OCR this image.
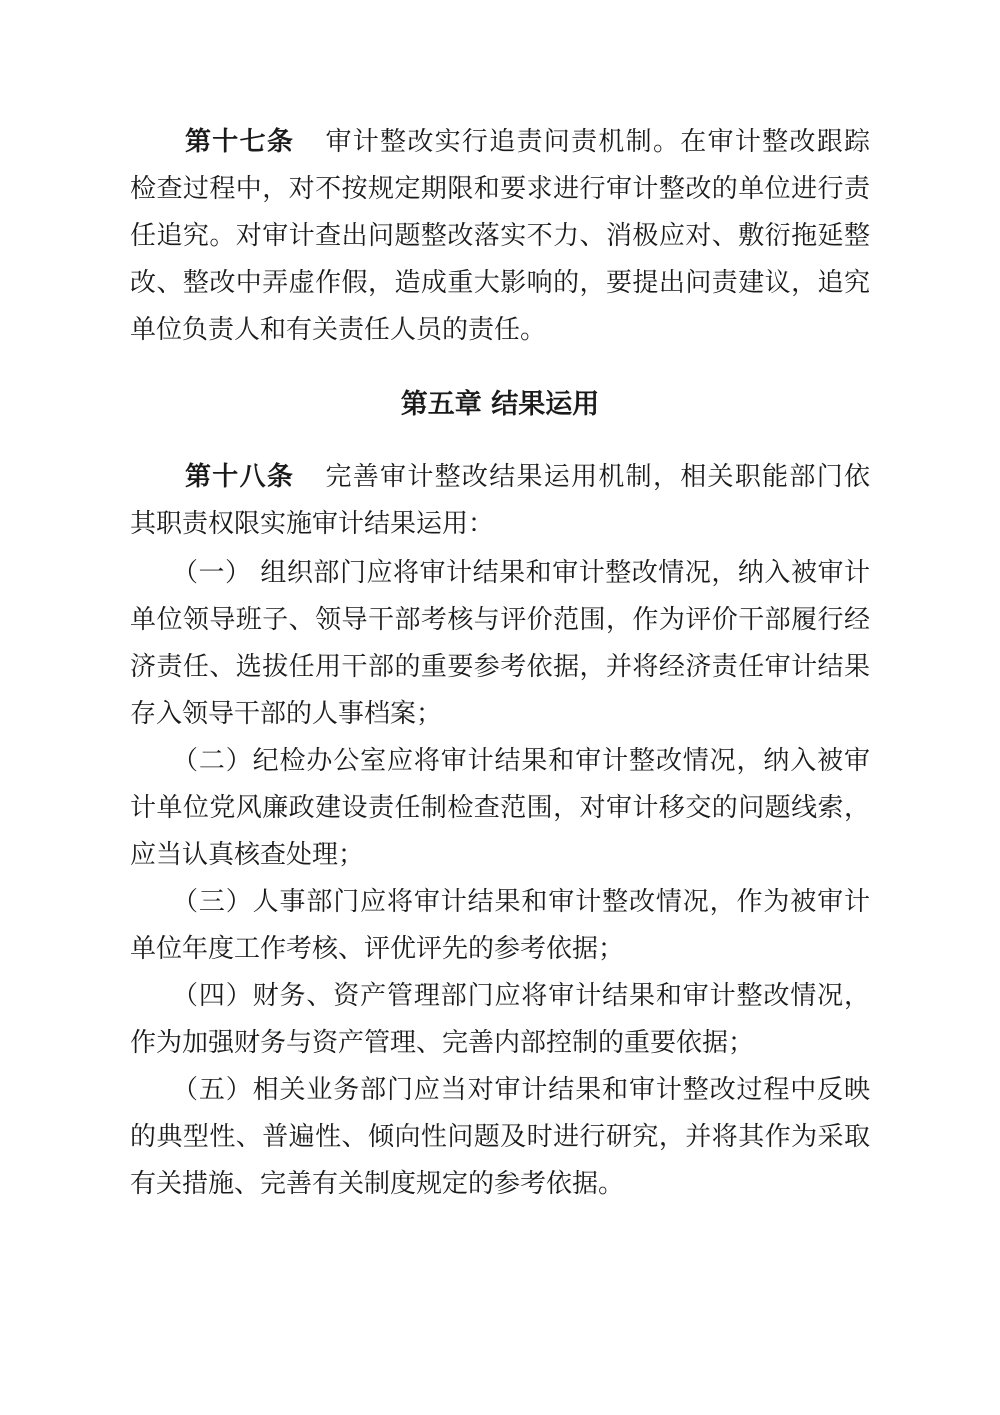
第十七条 审计整改实行追责问责机制。在审计整改跟踪
检查过程中，对不按规定期限和要求进行审计整改的单位进行责
任追究。对审计查出问题整改落实不力、消极应对、敷衍拖延整
改、整改中弄虚作假，造成重大影响的，要提出问责建议，追究
单位负责人和有关责任人员的责任。
第五章 结果运用
第十八条 完善审计整改结果运用机制，相关职能部门依
其职责权限实施审计结果运用：
（一） 组织部门应将审计结果和审计整改情况，纳入被审计
单位领导班子、领导干部考核与评价范围，作为评价干部履行经
济责任、选拔任用干部的重要参考依据，并将经济责任审计结果
存入领导干部的人事档案；
（二）纪检办公室应将审计结果和审计整改情况，纳入被审
计单位党风廉政建设责任制检查范围，对审计移交的问题线索，
应当认真核查处理；
（三）人事部门应将审计结果和审计整改情况，作为被审计
单位年度工作考核、评优评先的参考依据；
（四）财务、资产管理部门应将审计结果和审计整改情况，
作为加强财务与资产管理、完善内部控制的重要依据；
（五）相关业务部门应当对审计结果和审计整改过程中反映
的典型性、普遍性、倾向性问题及时进行研究，并将其作为采取
有关措施、完善有关制度规定的参考依据。
